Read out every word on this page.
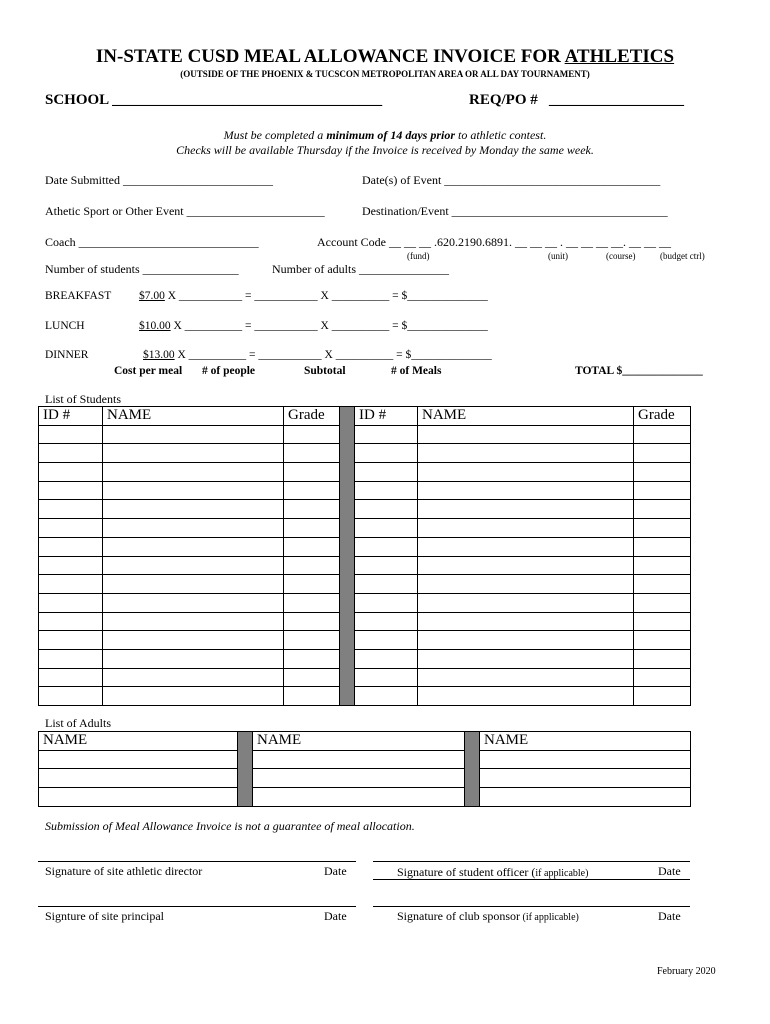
IN-STATE CUSD MEAL ALLOWANCE INVOICE FOR ATHLETICS
(OUTSIDE OF THE PHOENIX & TUCSCON METROPOLITAN AREA OR ALL DAY TOURNAMENT)
SCHOOL ____________________________________	REQ/PO # __________________
Must be completed a minimum of 14 days prior to athletic contest.
Checks will be available Thursday if the Invoice is received by Monday the same week.
Date Submitted _________________________	Date(s) of Event ____________________________________
Athetic Sport or Other Event _______________________	Destination/Event ____________________________________
Coach ______________________________	Account Code __ __ __ .620.2190.6891. __ __ __ . __ __ __ __. __ __ __
(fund)	(unit)	(course)	(budget ctrl)
Number of students ________________	Number of adults _______________
BREAKFAST $7.00 X ___________ = ___________ X __________ = $______________
LUNCH	$10.00 X __________ = ___________ X __________ = $______________
DINNER	$13.00 X __________ = ___________ X __________ = $______________
Cost per meal # of people	Subtotal	# of Meals	TOTAL $______________
List of Students
ID #	NAME	Grade		ID #	NAME	Grade

List of Adults
NAME		NAME		NAME

Submission of Meal Allowance Invoice is not a guarantee of meal allocation.
Signature of site athletic director	Date	Signature of student officer (if applicable)	Date
Signture of site principal	Date	Signature of club sponsor (if applicable)	Date
February 2020
